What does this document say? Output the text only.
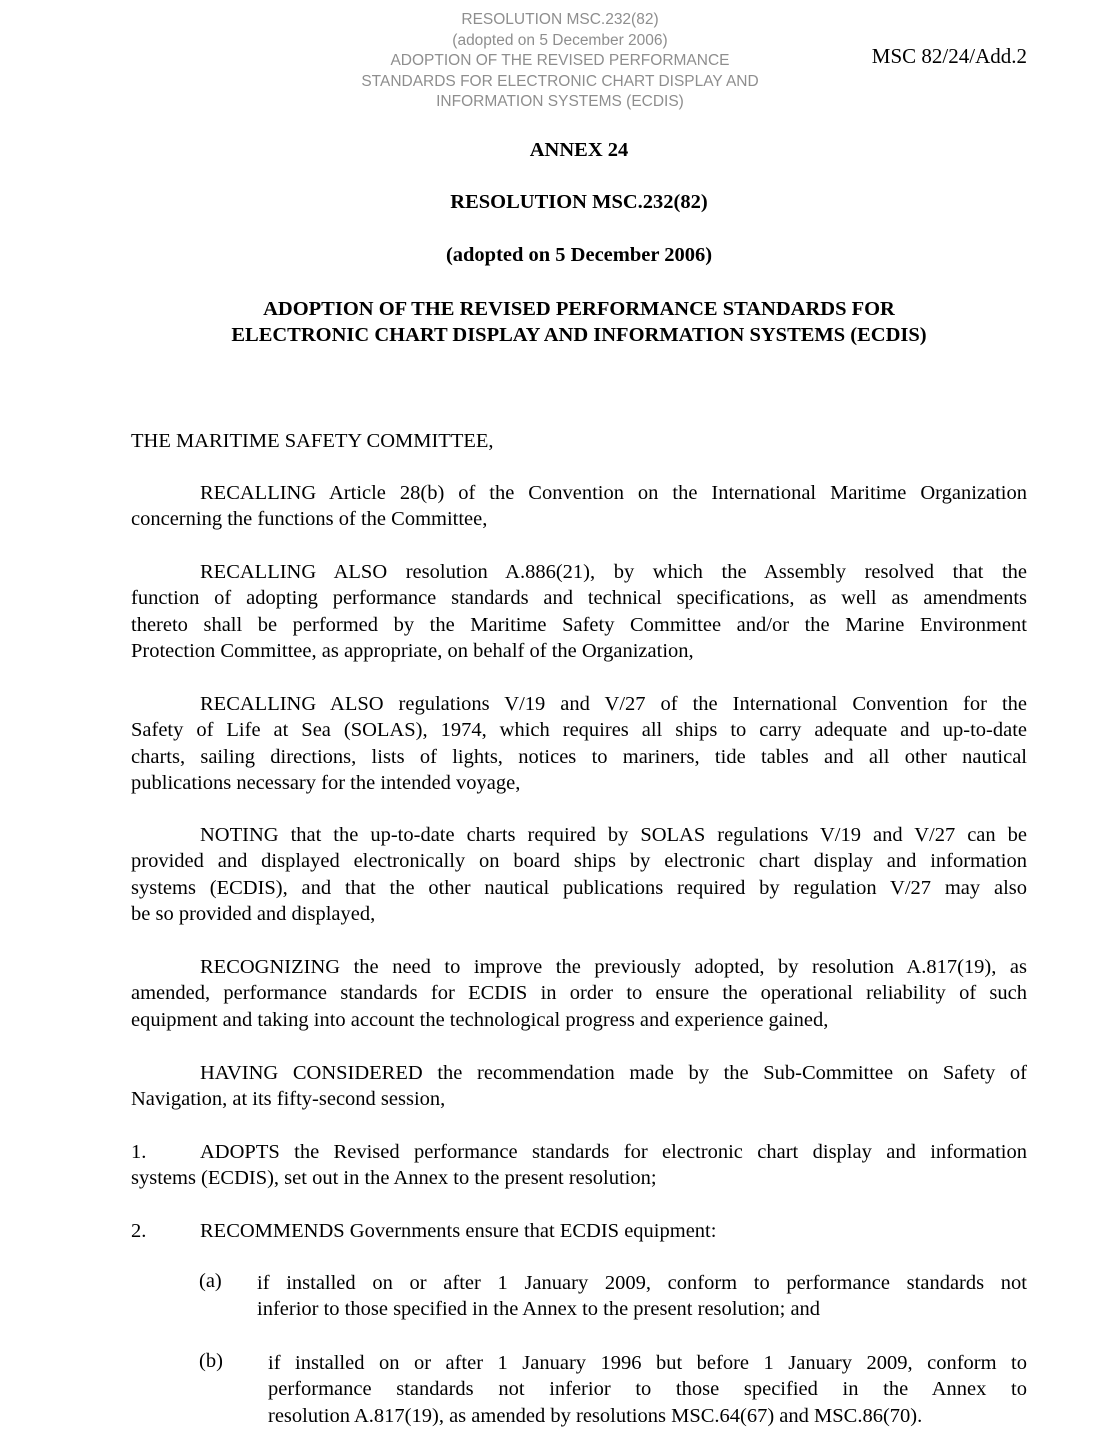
RESOLUTION MSC.232(82)
(adopted on 5 December 2006)
ADOPTION OF THE REVISED PERFORMANCE
STANDARDS FOR ELECTRONIC CHART DISPLAY AND
INFORMATION SYSTEMS (ECDIS)
MSC 82/24/Add.2
ANNEX 24
RESOLUTION MSC.232(82)
(adopted on 5 December 2006)
ADOPTION OF THE REVISED PERFORMANCE STANDARDS FOR
ELECTRONIC CHART DISPLAY AND INFORMATION SYSTEMS (ECDIS)
THE MARITIME SAFETY COMMITTEE,
RECALLING Article 28(b) of the Convention on the International Maritime Organization
concerning the functions of the Committee,
RECALLING ALSO resolution A.886(21), by which the Assembly resolved that the
function of adopting performance standards and technical specifications, as well as amendments
thereto shall be performed by the Maritime Safety Committee and/or the Marine Environment
Protection Committee, as appropriate, on behalf of the Organization,
RECALLING ALSO regulations V/19 and V/27 of the International Convention for the
Safety of Life at Sea (SOLAS), 1974, which requires all ships to carry adequate and up-to-date
charts, sailing directions, lists of lights, notices to mariners, tide tables and all other nautical
publications necessary for the intended voyage,
NOTING that the up-to-date charts required by SOLAS regulations V/19 and V/27 can be
provided and displayed electronically on board ships by electronic chart display and information
systems (ECDIS), and that the other nautical publications required by regulation V/27 may also
be so provided and displayed,
RECOGNIZING the need to improve the previously adopted, by resolution A.817(19), as
amended, performance standards for ECDIS in order to ensure the operational reliability of such
equipment and taking into account the technological progress and experience gained,
HAVING CONSIDERED the recommendation made by the Sub-Committee on Safety of
Navigation, at its fifty-second session,
1.	ADOPTS the Revised performance standards for electronic chart display and information
systems (ECDIS), set out in the Annex to the present resolution;
2.	RECOMMENDS Governments ensure that ECDIS equipment:
(a) if installed on or after 1 January 2009, conform to performance standards not
inferior to those specified in the Annex to the present resolution; and
(b) if installed on or after 1 January 1996 but before 1 January 2009, conform to
performance standards not inferior to those specified in the Annex to
resolution A.817(19), as amended by resolutions MSC.64(67) and MSC.86(70).
